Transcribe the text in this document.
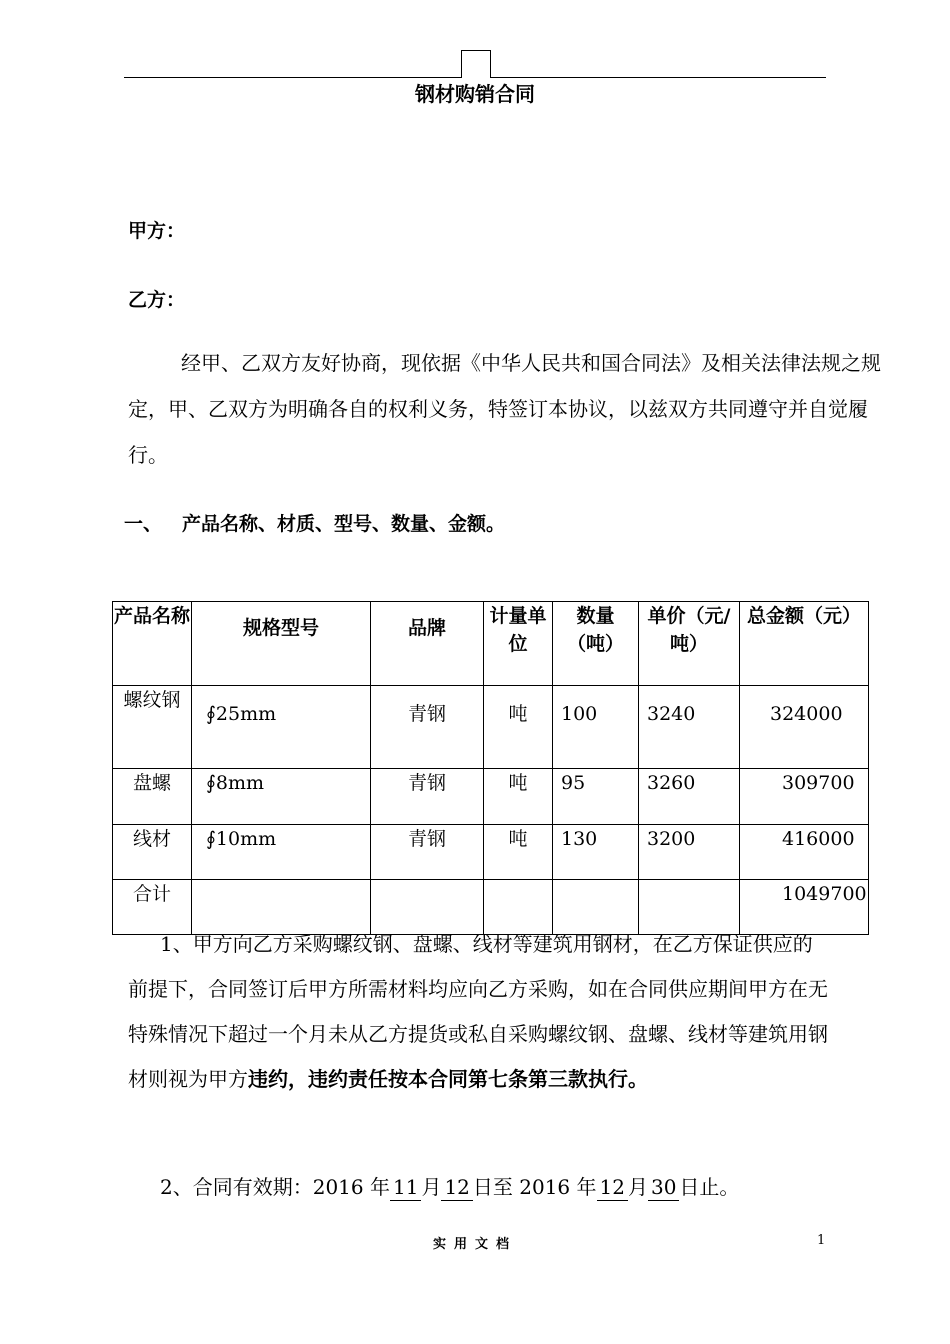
钢材购销合同
甲方：
乙方：
经甲、乙双方友好协商，现依据《中华人民共和国合同法》及相关法律法规之规定，甲、乙双方为明确各自的权利义务，特签订本协议，以兹双方共同遵守并自觉履行。
一、 产品名称、材质、型号、数量、金额。
产品名称	规格型号	品牌	计量单位	数量（吨）	单价（元/吨）	总金额（元）
螺纹钢	∮25mm	青钢	吨	100	3240	324000
盘螺	∮8mm	青钢	吨	95	3260	309700
线材	∮10mm	青钢	吨	130	3200	416000
合计						1049700
1、甲方向乙方采购螺纹钢、盘螺、线材等建筑用钢材，在乙方保证供应的前提下，合同签订后甲方所需材料均应向乙方采购，如在合同供应期间甲方在无特殊情况下超过一个月未从乙方提货或私自采购螺纹钢、盘螺、线材等建筑用钢材则视为甲方违约，违约责任按本合同第七条第三款执行。
2、合同有效期：2016 年 11 月 12 日至 2016 年 12 月 30 日止。
实用文档	1
